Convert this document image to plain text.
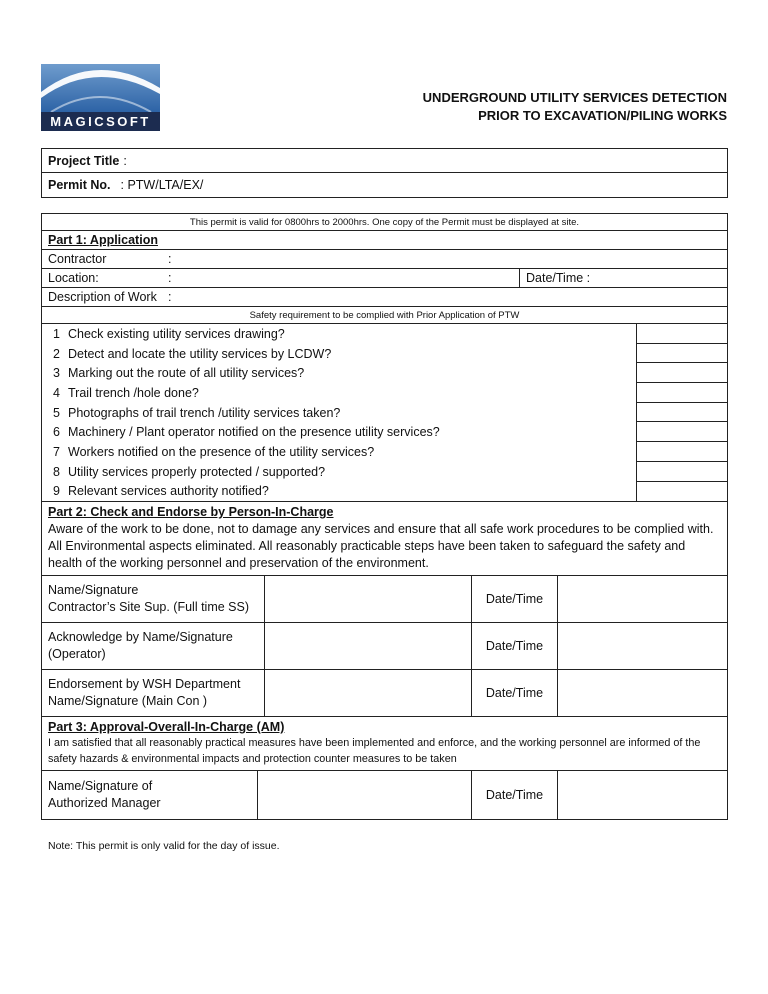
MAGICSOFT
UNDERGROUND UTILITY SERVICES DETECTION
PRIOR TO EXCAVATION/PILING WORKS
Project Title :
Permit No. : PTW/LTA/EX/
This permit is valid for 0800hrs to 2000hrs. One copy of the Permit must be displayed at site.
Part 1: Application
Contractor	:
Location:	:	Date/Time :
Description of Work :
Safety requirement to be complied with Prior Application of PTW
1 Check existing utility services drawing?
2 Detect and locate the utility services by LCDW?
3 Marking out the route of all utility services?
4 Trail trench /hole done?
5 Photographs of trail trench /utility services taken?
6 Machinery / Plant operator notified on the presence utility services?
7 Workers notified on the presence of the utility services?
8 Utility services properly protected / supported?
9 Relevant services authority notified?
Part 2: Check and Endorse by Person-In-Charge
Aware of the work to be done, not to damage any services and ensure that all safe work procedures to be complied with.
All Environmental aspects eliminated. All reasonably practicable steps have been taken to safeguard the safety and health of the working personnel and preservation of the environment.
Name/Signature
Contractor’s Site Sup. (Full time SS)
Date/Time
Acknowledge by Name/Signature
(Operator)
Date/Time
Endorsement by WSH Department
Name/Signature (Main Con )
Date/Time
Part 3: Approval-Overall-In-Charge (AM)
I am satisfied that all reasonably practical measures have been implemented and enforce, and the working personnel are informed of the safety hazards & environmental impacts and protection counter measures to be taken
Name/Signature of
Authorized Manager
Date/Time
Note: This permit is only valid for the day of issue.
